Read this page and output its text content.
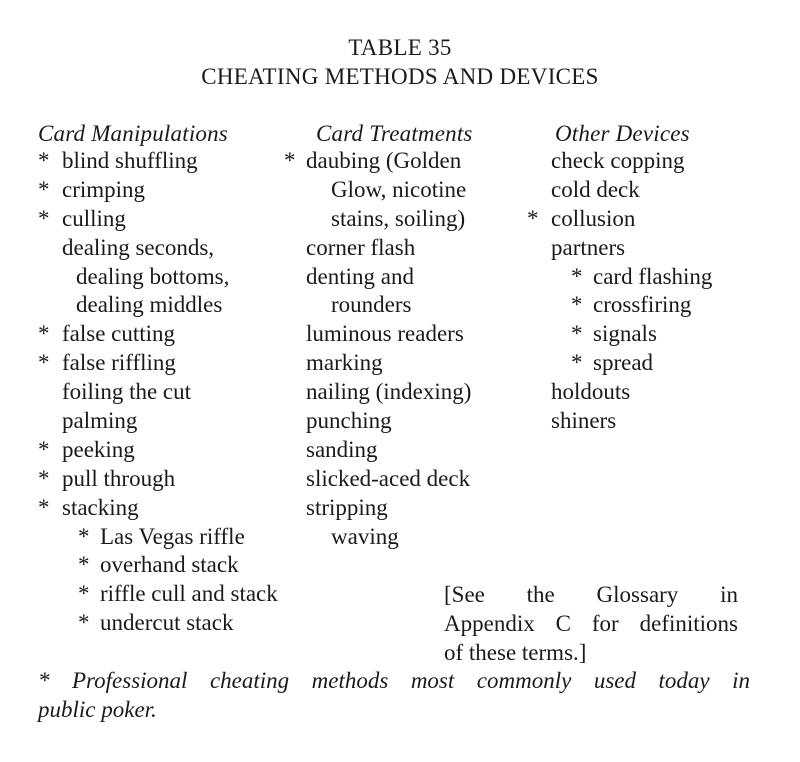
TABLE 35
CHEATING METHODS AND DEVICES
Card Manipulations	Card Treatments	Other Devices
* blind shuffling
* crimping
* culling
dealing seconds,
dealing bottoms,
dealing middles
* false cutting
* false riffling
foiling the cut
palming
* peeking
* pull through
* stacking
* Las Vegas riffle
* overhand stack
* riffle cull and stack
* undercut stack
* daubing (Golden
Glow, nicotine
stains, soiling)
corner flash
denting and
rounders
luminous readers
marking
nailing (indexing)
punching
sanding
slicked-aced deck
stripping
waving
check copping
cold deck
* collusion
partners
* card flashing
* crossfiring
* signals
* spread
holdouts
shiners
[See the Glossary in
Appendix C for definitions
of these terms.]
* Professional cheating methods most commonly used today in
public poker.
